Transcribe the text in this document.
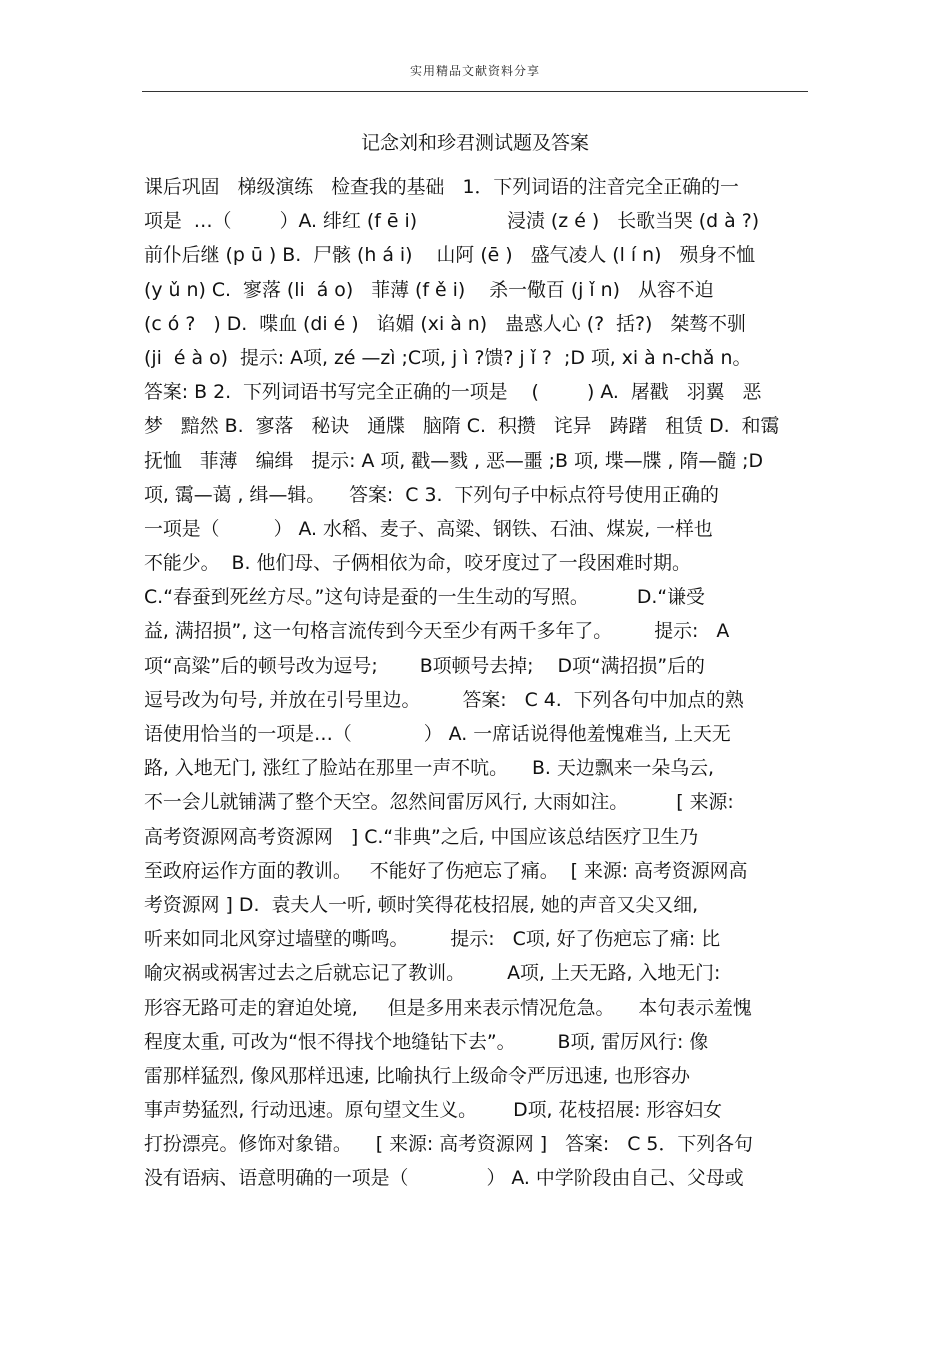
实用精品文献资料分享
记念刘和珍君测试题及答案
课后巩固   梯级演练   检查我的基础   1．下列词语的注音完全正确的一
项是  …（        ）A. 绯红 (f ē i)               浸渍 (z é )   长歌当哭 (d à ?)
前仆后继 (p ū ) B.  尸骸 (h á i)    山阿 (ē )   盛气凌人 (l í n)   殒身不恤
(y ǔ n) C.  寥落 (li  á o)   菲薄 (f ě i)    杀一儆百 (j ǐ n)   从容不迫
(c ó ?   ) D.  喋血 (di é )   谄媚 (xi à n)   蛊惑人心 (?  括?)   桀骜不驯
(ji  é à o)  提示: A项, zé —zì ;C项, j ì ?馈? j ǐ ?  ;D 项, xi à n-chǎ n。
答案: B 2.  下列词语书写完全正确的一项是    (        ) A.  屠戳   羽翼   恶
梦   黯然 B.  寥落   秘诀   通牒   脑隋 C.  积攒   诧异   踌躇   租赁 D.  和霭
抚恤   菲薄   编缉   提示: A 项, 戳—戮 , 恶—噩 ;B 项, 堞—牒 , 隋—髓 ;D
项, 霭—蔼 , 缉—辑。    答案:  C 3.  下列句子中标点符号使用正确的
一项是（         ） A. 水稻、麦子、高粱、钢铁、石油、煤炭, 一样也
不能少。  B. 他们母、子俩相依为命，咬牙度过了一段困难时期。
C.“春蚕到死丝方尽。”这句诗是蚕的一生生动的写照。        D.“谦受
益, 满招损”, 这一句格言流传到今天至少有两千多年了。       提示:   A
项“高粱”后的顿号改为逗号;       B项顿号去掉;    D项“满招损”后的
逗号改为句号, 并放在引号里边。       答案:   C 4.  下列各句中加点的熟
语使用恰当的一项是…（            ） A. 一席话说得他羞愧难当, 上天无
路, 入地无门, 涨红了脸站在那里一声不吭。    B. 天边飘来一朵乌云,
不一会儿就铺满了整个天空。忽然间雷厉风行, 大雨如注。        [ 来源:
高考资源网高考资源网   ] C.“非典”之后, 中国应该总结医疗卫生乃
至政府运作方面的教训。   不能好了伤疤忘了痛。  [ 来源: 高考资源网高
考资源网 ] D.  袁夫人一听, 顿时笑得花枝招展, 她的声音又尖又细,
听来如同北风穿过墙壁的嘶鸣。       提示:   C项, 好了伤疤忘了痛: 比
喻灾祸或祸害过去之后就忘记了教训。       A项, 上天无路, 入地无门:
形容无路可走的窘迫处境,     但是多用来表示情况危急。    本句表示羞愧
程度太重, 可改为“恨不得找个地缝钻下去”。       B项, 雷厉风行: 像
雷那样猛烈, 像风那样迅速, 比喻执行上级命令严厉迅速, 也形容办
事声势猛烈, 行动迅速。原句望文生义。      D项, 花枝招展: 形容妇女
打扮漂亮。修饰对象错。    [ 来源: 高考资源网 ]   答案:   C 5．下列各句
没有语病、语意明确的一项是（             ） A. 中学阶段由自己、父母或
